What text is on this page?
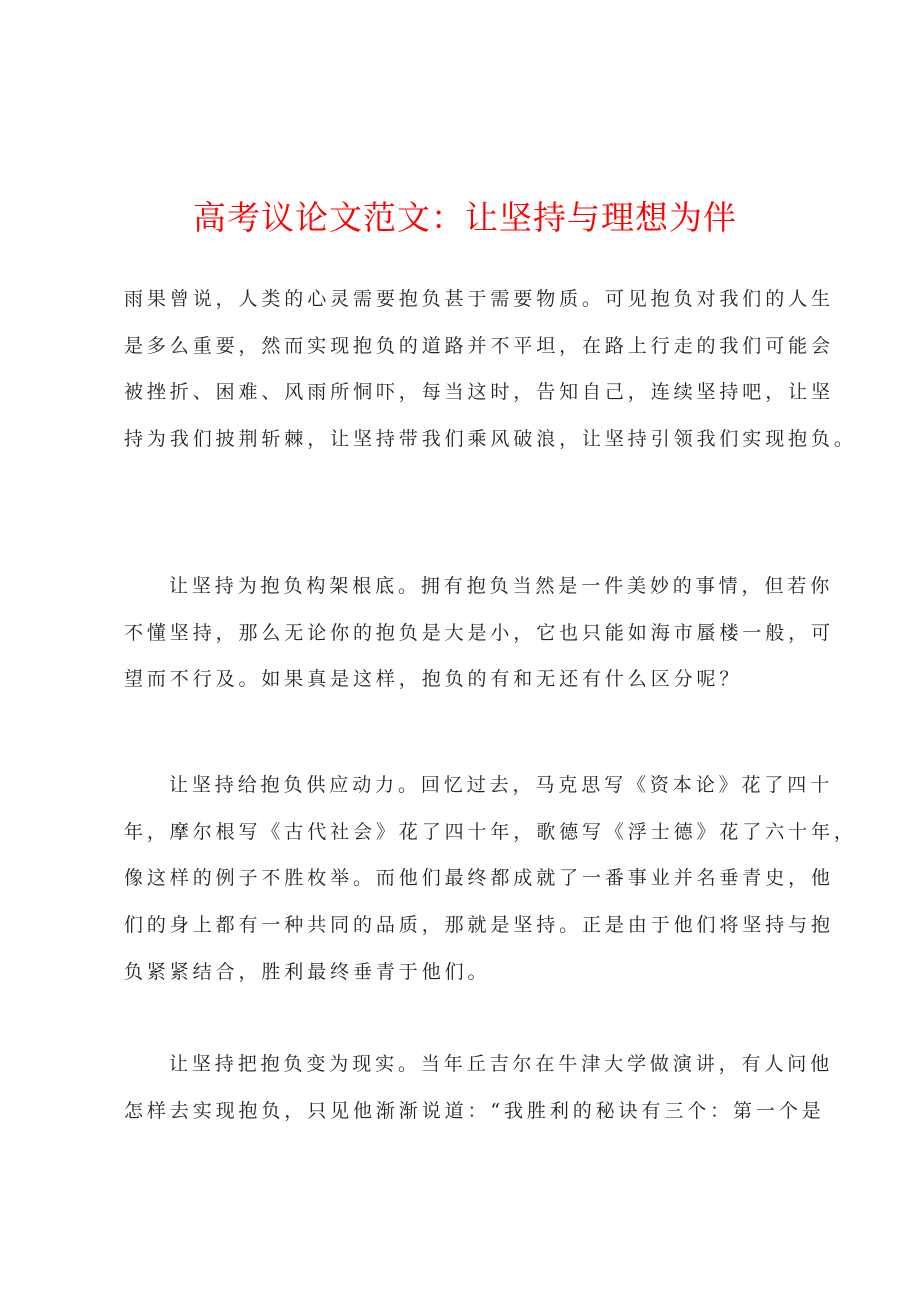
高考议论文范文：让坚持与理想为伴

雨果曾说，人类的心灵需要抱负甚于需要物质。可见抱负对我们的人生
是多么重要，然而实现抱负的道路并不平坦，在路上行走的我们可能会
被挫折、困难、风雨所恫吓，每当这时，告知自己，连续坚持吧，让坚
持为我们披荆斩棘，让坚持带我们乘风破浪，让坚持引领我们实现抱负。

让坚持为抱负构架根底。拥有抱负当然是一件美妙的事情，但若你
不懂坚持，那么无论你的抱负是大是小，它也只能如海市蜃楼一般，可
望而不行及。如果真是这样，抱负的有和无还有什么区分呢？

让坚持给抱负供应动力。回忆过去，马克思写《资本论》花了四十
年，摩尔根写《古代社会》花了四十年，歌德写《浮士德》花了六十年，
像这样的例子不胜枚举。而他们最终都成就了一番事业并名垂青史，他
们的身上都有一种共同的品质，那就是坚持。正是由于他们将坚持与抱
负紧紧结合，胜利最终垂青于他们。

让坚持把抱负变为现实。当年丘吉尔在牛津大学做演讲，有人问他
怎样去实现抱负，只见他渐渐说道：“我胜利的秘诀有三个：第一个是
